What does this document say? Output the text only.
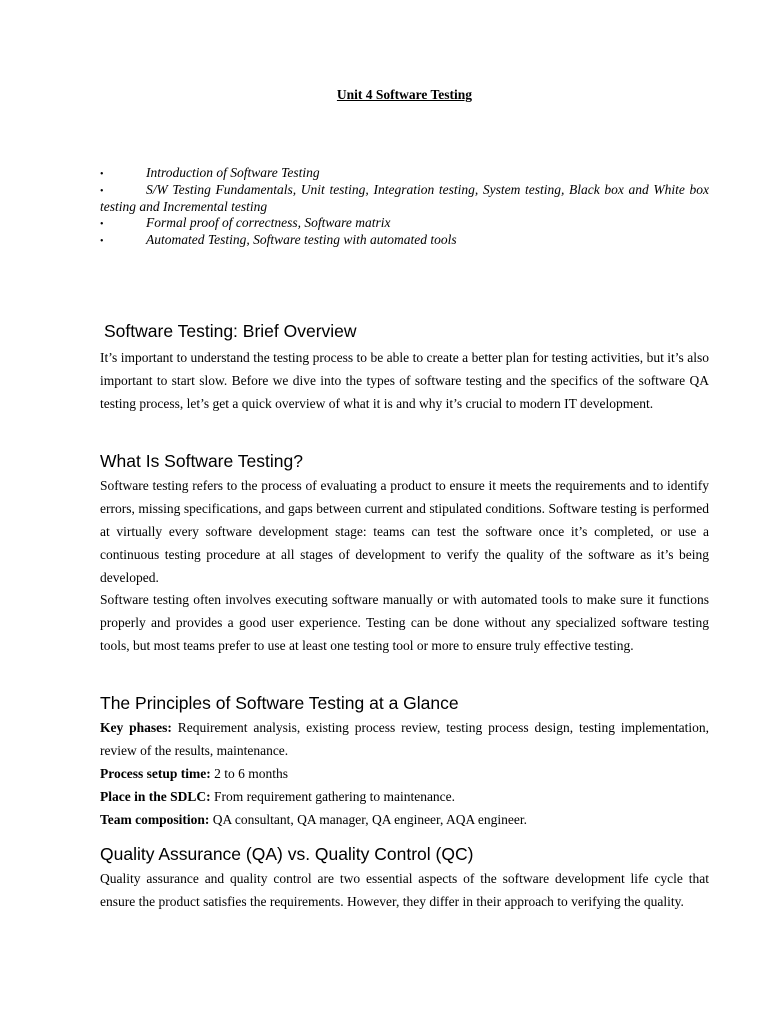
Unit 4 Software Testing
•	Introduction of Software Testing
•	S/W Testing Fundamentals, Unit testing, Integration testing, System testing, Black box and White box testing and Incremental testing
•	Formal proof of correctness, Software matrix
•	Automated Testing, Software testing with automated tools
Software Testing: Brief Overview

It’s important to understand the testing process to be able to create a better plan for testing activities, but it’s also important to start slow. Before we dive into the types of software testing and the specifics of the software QA testing process, let’s get a quick overview of what it is and why it’s crucial to modern IT development.

What Is Software Testing?

Software testing refers to the process of evaluating a product to ensure it meets the requirements and to identify errors, missing specifications, and gaps between current and stipulated conditions. Software testing is performed at virtually every software development stage: teams can test the software once it’s completed, or use a continuous testing procedure at all stages of development to verify the quality of the software as it’s being developed.

Software testing often involves executing software manually or with automated tools to make sure it functions properly and provides a good user experience. Testing can be done without any specialized software testing tools, but most teams prefer to use at least one testing tool or more to ensure truly effective testing.

The Principles of Software Testing at a Glance

Key phases: Requirement analysis, existing process review, testing process design, testing implementation, review of the results, maintenance.

Process setup time: 2 to 6 months

Place in the SDLC: From requirement gathering to maintenance.

Team composition: QA consultant, QA manager, QA engineer, AQA engineer.

Quality Assurance (QA) vs. Quality Control (QC)

Quality assurance and quality control are two essential aspects of the software development life cycle that ensure the product satisfies the requirements. However, they differ in their approach to verifying the quality.
